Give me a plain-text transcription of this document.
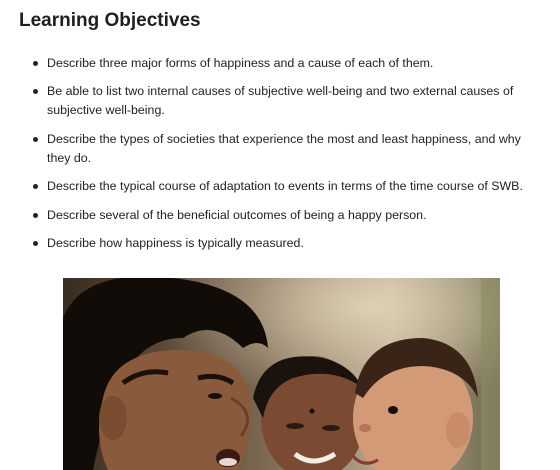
Learning Objectives
Describe three major forms of happiness and a cause of each of them.
Be able to list two internal causes of subjective well-being and two external causes of subjective well-being.
Describe the types of societies that experience the most and least happiness, and why they do.
Describe the typical course of adaptation to events in terms of the time course of SWB.
Describe several of the beneficial outcomes of being a happy person.
Describe how happiness is typically measured.
